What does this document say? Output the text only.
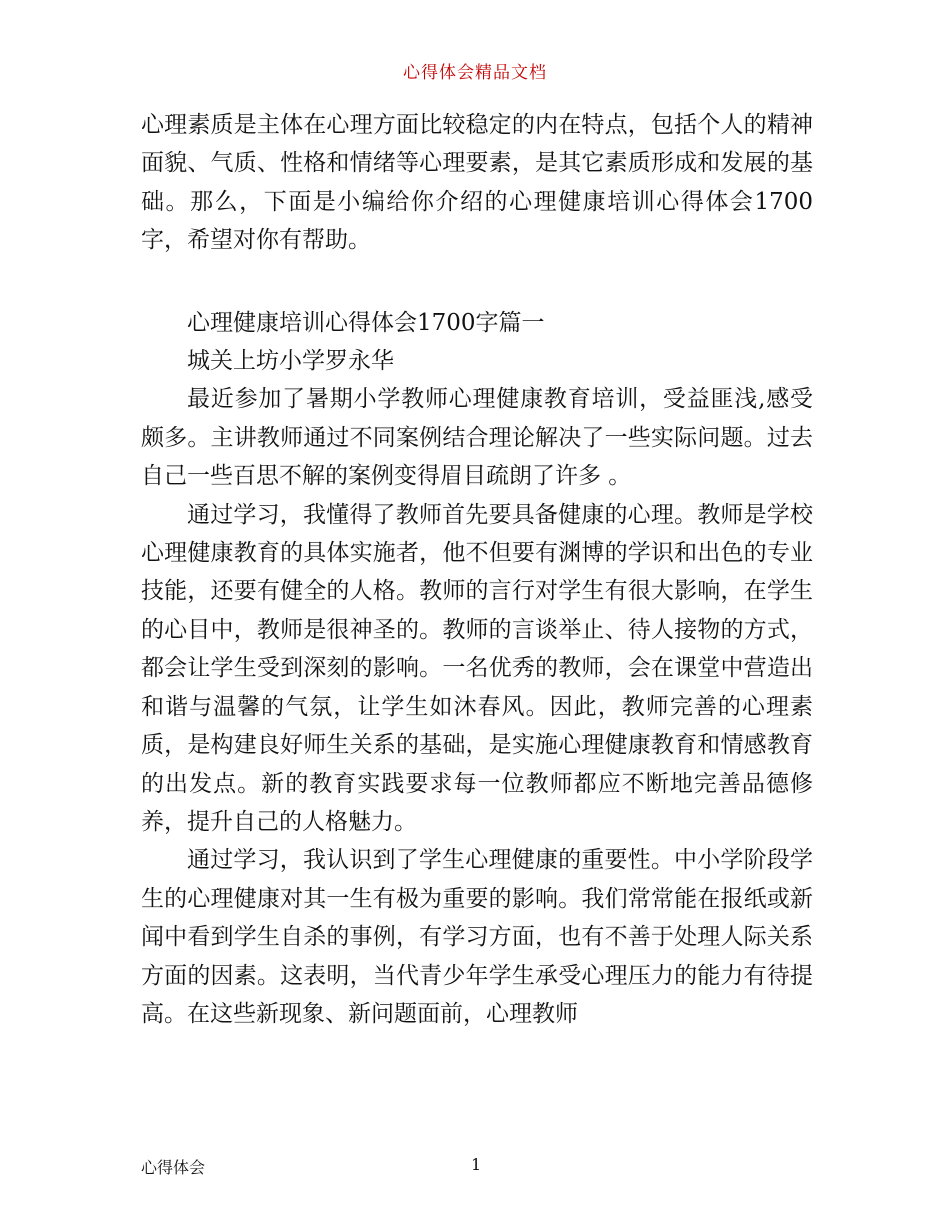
心得体会精品文档

心理素质是主体在心理方面比较稳定的内在特点，包括个人的精神面貌、气质、性格和情绪等心理要素，是其它素质形成和发展的基础。那么，下面是小编给你介绍的心理健康培训心得体会1700字，希望对你有帮助。

心理健康培训心得体会1700字篇一

城关上坊小学罗永华

最近参加了暑期小学教师心理健康教育培训，受益匪浅,感受颇多。主讲教师通过不同案例结合理论解决了一些实际问题。过去自己一些百思不解的案例变得眉目疏朗了许多 。

通过学习，我懂得了教师首先要具备健康的心理。教师是学校心理健康教育的具体实施者，他不但要有渊博的学识和出色的专业技能，还要有健全的人格。教师的言行对学生有很大影响，在学生的心目中，教师是很神圣的。教师的言谈举止、待人接物的方式，都会让学生受到深刻的影响。一名优秀的教师，会在课堂中营造出和谐与温馨的气氛，让学生如沐春风。因此，教师完善的心理素质，是构建良好师生关系的基础，是实施心理健康教育和情感教育的出发点。新的教育实践要求每一位教师都应不断地完善品德修养，提升自己的人格魅力。

通过学习，我认识到了学生心理健康的重要性。中小学阶段学生的心理健康对其一生有极为重要的影响。我们常常能在报纸或新闻中看到学生自杀的事例，有学习方面，也有不善于处理人际关系方面的因素。这表明，当代青少年学生承受心理压力的能力有待提高。在这些新现象、新问题面前，心理教师

心得体会	1
